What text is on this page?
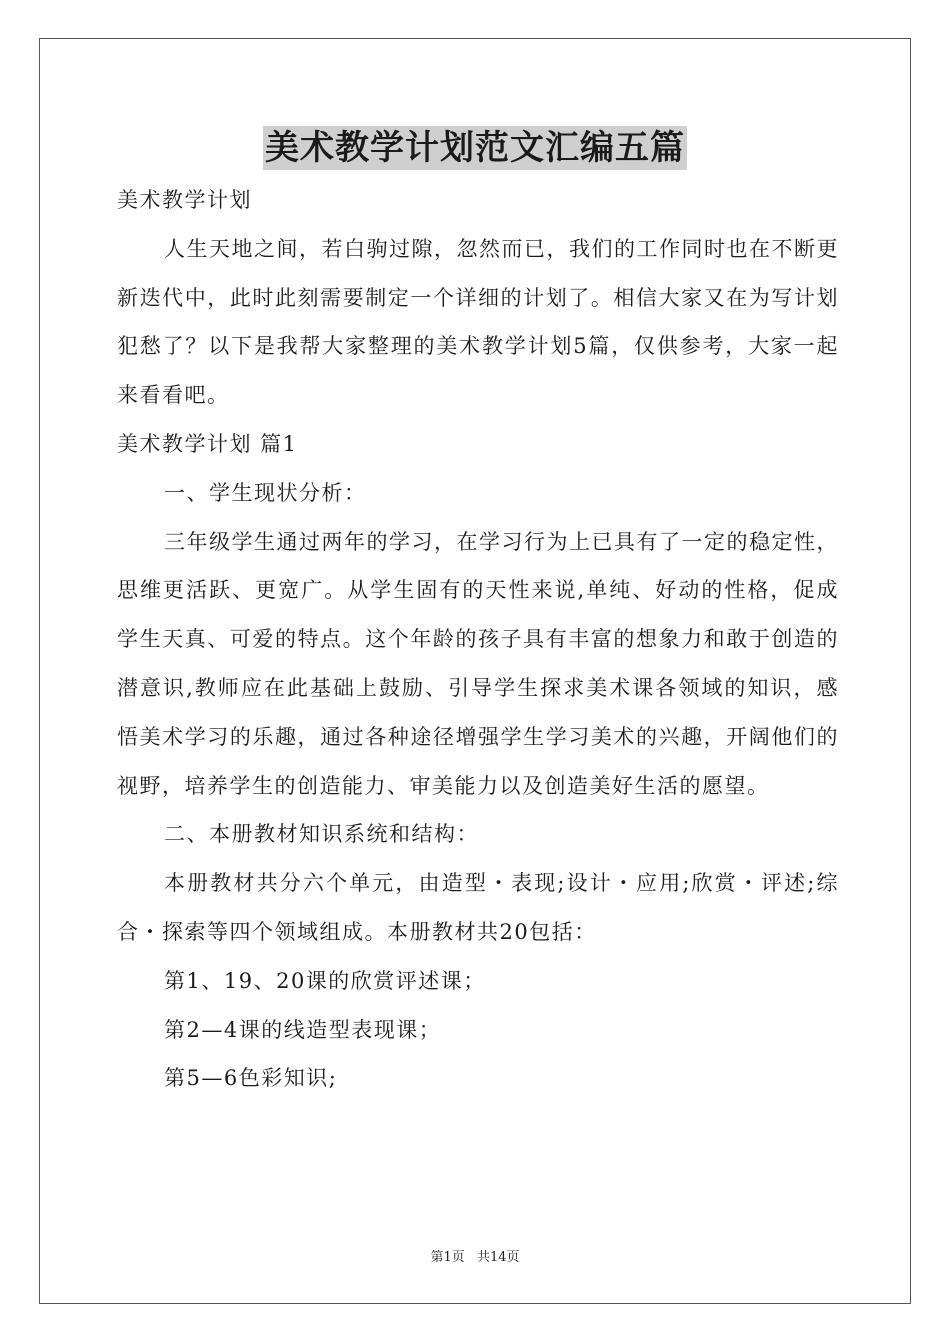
美术教学计划范文汇编五篇

美术教学计划

人生天地之间，若白驹过隙，忽然而已，我们的工作同时也在不断更新迭代中，此时此刻需要制定一个详细的计划了。相信大家又在为写计划犯愁了？以下是我帮大家整理的美术教学计划5篇，仅供参考，大家一起来看看吧。

美术教学计划 篇1

一、学生现状分析：

三年级学生通过两年的学习，在学习行为上已具有了一定的稳定性，思维更活跃、更宽广。从学生固有的天性来说,单纯、好动的性格，促成学生天真、可爱的特点。这个年龄的孩子具有丰富的想象力和敢于创造的潜意识,教师应在此基础上鼓励、引导学生探求美术课各领域的知识，感悟美术学习的乐趣，通过各种途径增强学生学习美术的兴趣，开阔他们的视野，培养学生的创造能力、审美能力以及创造美好生活的愿望。

二、本册教材知识系统和结构：

本册教材共分六个单元，由造型・表现;设计・应用;欣赏・评述;综合・探索等四个领域组成。本册教材共20包括：

第1、19、20课的欣赏评述课；

第2—4课的线造型表现课；

第5—6色彩知识;

第1页 共14页
